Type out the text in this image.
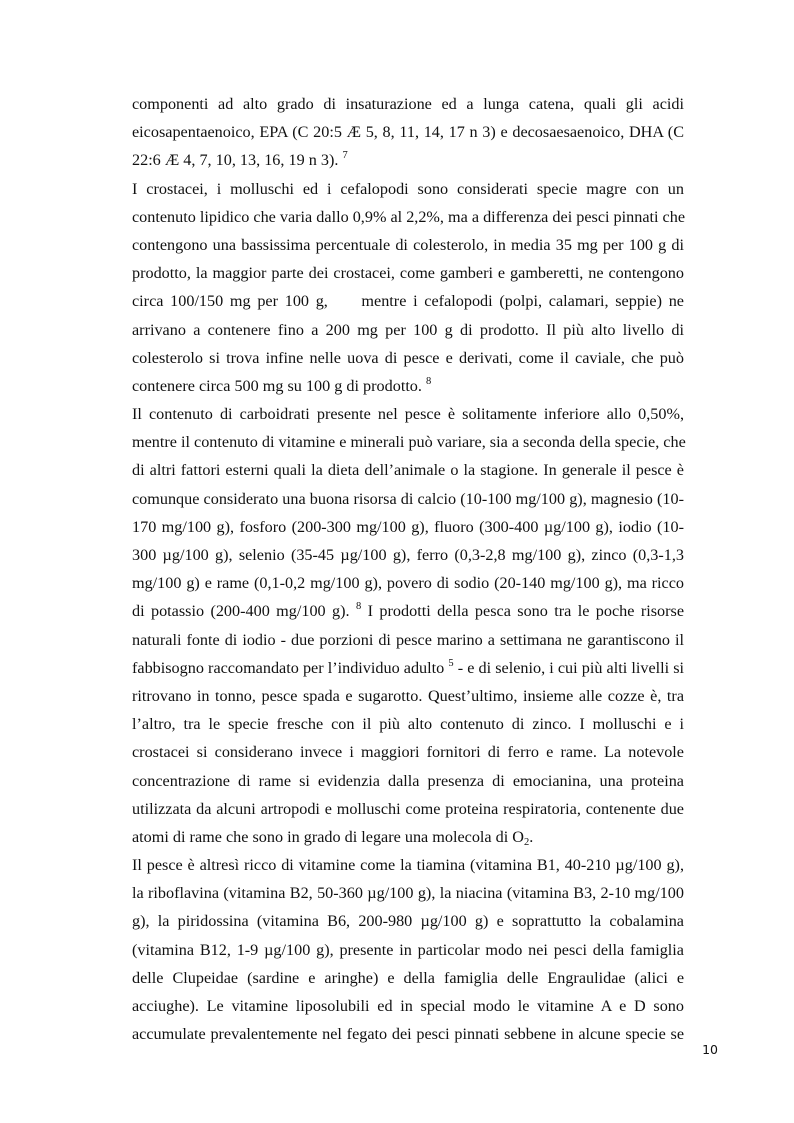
componenti ad alto grado di insaturazione ed a lunga catena, quali gli acidi
eicosapentaenoico, EPA (C 20:5 Æ 5, 8, 11, 14, 17 n 3) e decosaesaenoico, DHA (C
22:6 Æ 4, 7, 10, 13, 16, 19 n 3). $^7$
I crostacei, i molluschi ed i cefalopodi sono considerati specie magre con un
contenuto lipidico che varia dallo 0,9% al 2,2%, ma a differenza dei pesci pinnati che
contengono una bassissima percentuale di colesterolo, in media 35 mg per 100 g di
prodotto, la maggior parte dei crostacei, come gamberi e gamberetti, ne contengono
circa 100/150 mg per 100 g,     mentre i cefalopodi (polpi, calamari, seppie) ne
arrivano a contenere fino a 200 mg per 100 g di prodotto. Il più alto livello di
colesterolo si trova infine nelle uova di pesce e derivati, come il caviale, che può
contenere circa 500 mg su 100 g di prodotto. $^8$
Il contenuto di carboidrati presente nel pesce è solitamente inferiore allo 0,50%,
mentre il contenuto di vitamine e minerali può variare, sia a seconda della specie, che
di altri fattori esterni quali la dieta dell’animale o la stagione. In generale il pesce è
comunque considerato una buona risorsa di calcio (10-100 mg/100 g), magnesio (10-
170 mg/100 g), fosforo (200-300 mg/100 g), fluoro (300-400 µg/100 g), iodio (10-
300 µg/100 g), selenio (35-45 µg/100 g), ferro (0,3-2,8 mg/100 g), zinco (0,3-1,3
mg/100 g) e rame (0,1-0,2 mg/100 g), povero di sodio (20-140 mg/100 g), ma ricco
di potassio (200-400 mg/100 g). $^8$ I prodotti della pesca sono tra le poche risorse
naturali fonte di iodio - due porzioni di pesce marino a settimana ne garantiscono il
fabbisogno raccomandato per l’individuo adulto $^5$ - e di selenio, i cui più alti livelli si
ritrovano in tonno, pesce spada e sugarotto. Quest’ultimo, insieme alle cozze è, tra
l’altro, tra le specie fresche con il più alto contenuto di zinco. I molluschi e i
crostacei si considerano invece i maggiori fornitori di ferro e rame. La notevole
concentrazione di rame si evidenzia dalla presenza di emocianina, una proteina
utilizzata da alcuni artropodi e molluschi come proteina respiratoria, contenente due
atomi di rame che sono in grado di legare una molecola di $O_2$.
Il pesce è altresì ricco di vitamine come la tiamina (vitamina B1, 40-210 µg/100 g),
la riboflavina (vitamina B2, 50-360 µg/100 g), la niacina (vitamina B3, 2-10 mg/100
g), la piridossina (vitamina B6, 200-980 µg/100 g) e soprattutto la cobalamina
(vitamina B12, 1-9 µg/100 g), presente in particolar modo nei pesci della famiglia
delle Clupeidae (sardine e aringhe) e della famiglia delle Engraulidae (alici e
acciughe). Le vitamine liposolubili ed in special modo le vitamine A e D sono
accumulate prevalentemente nel fegato dei pesci pinnati sebbene in alcune specie se
10
